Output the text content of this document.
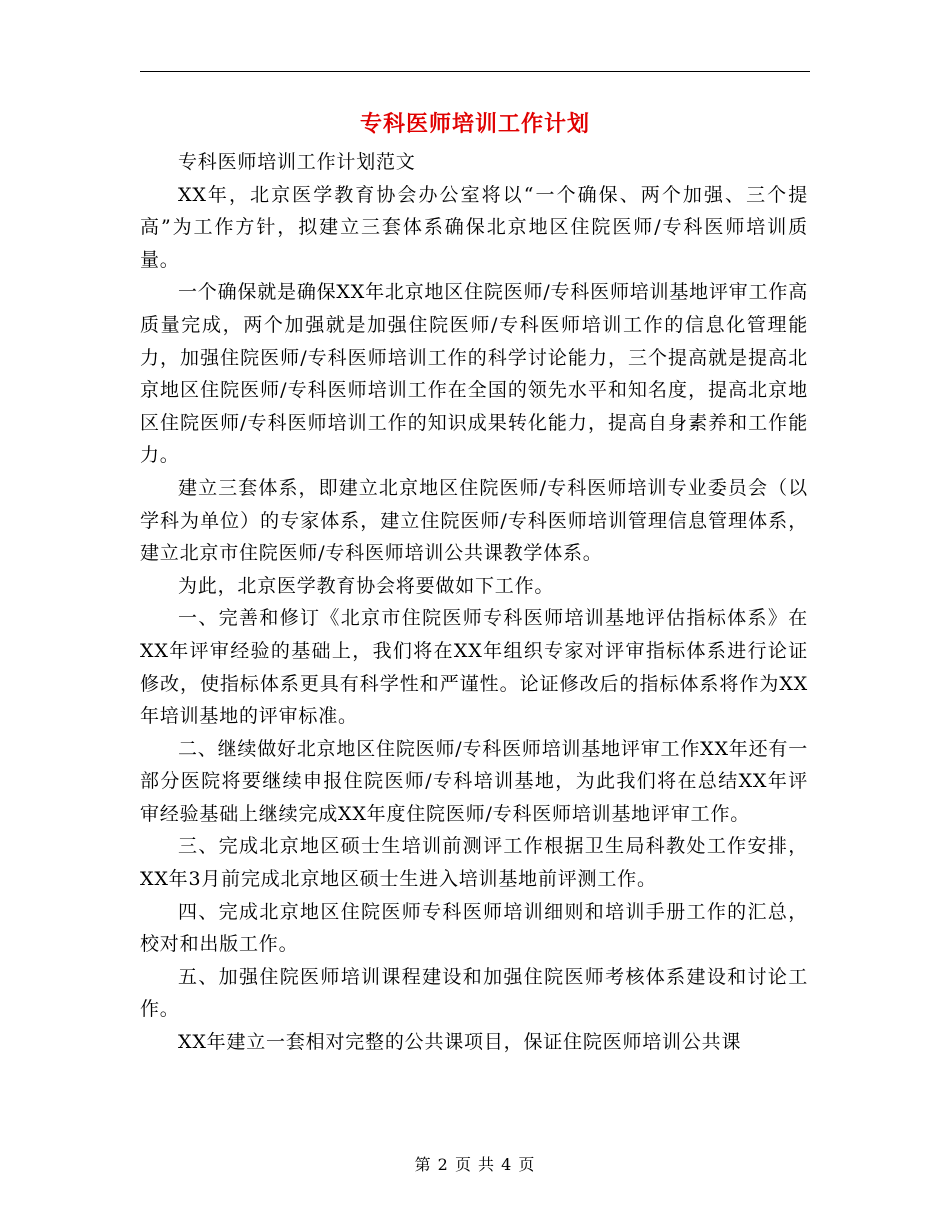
专科医师培训工作计划

专科医师培训工作计划范文

XX年，北京医学教育协会办公室将以“一个确保、两个加强、三个提高”为工作方针，拟建立三套体系确保北京地区住院医师/专科医师培训质量。

一个确保就是确保XX年北京地区住院医师/专科医师培训基地评审工作高质量完成，两个加强就是加强住院医师/专科医师培训工作的信息化管理能力，加强住院医师/专科医师培训工作的科学讨论能力，三个提高就是提高北京地区住院医师/专科医师培训工作在全国的领先水平和知名度，提高北京地区住院医师/专科医师培训工作的知识成果转化能力，提高自身素养和工作能力。

建立三套体系，即建立北京地区住院医师/专科医师培训专业委员会（以学科为单位）的专家体系，建立住院医师/专科医师培训管理信息管理体系，建立北京市住院医师/专科医师培训公共课教学体系。

为此，北京医学教育协会将要做如下工作。

一、完善和修订《北京市住院医师专科医师培训基地评估指标体系》在XX年评审经验的基础上，我们将在XX年组织专家对评审指标体系进行论证修改，使指标体系更具有科学性和严谨性。论证修改后的指标体系将作为XX年培训基地的评审标准。

二、继续做好北京地区住院医师/专科医师培训基地评审工作XX年还有一部分医院将要继续申报住院医师/专科培训基地，为此我们将在总结XX年评审经验基础上继续完成XX年度住院医师/专科医师培训基地评审工作。

三、完成北京地区硕士生培训前测评工作根据卫生局科教处工作安排，XX年3月前完成北京地区硕士生进入培训基地前评测工作。

四、完成北京地区住院医师专科医师培训细则和培训手册工作的汇总，校对和出版工作。

五、加强住院医师培训课程建设和加强住院医师考核体系建设和讨论工作。

XX年建立一套相对完整的公共课项目，保证住院医师培训公共课

第 2 页 共 4 页
